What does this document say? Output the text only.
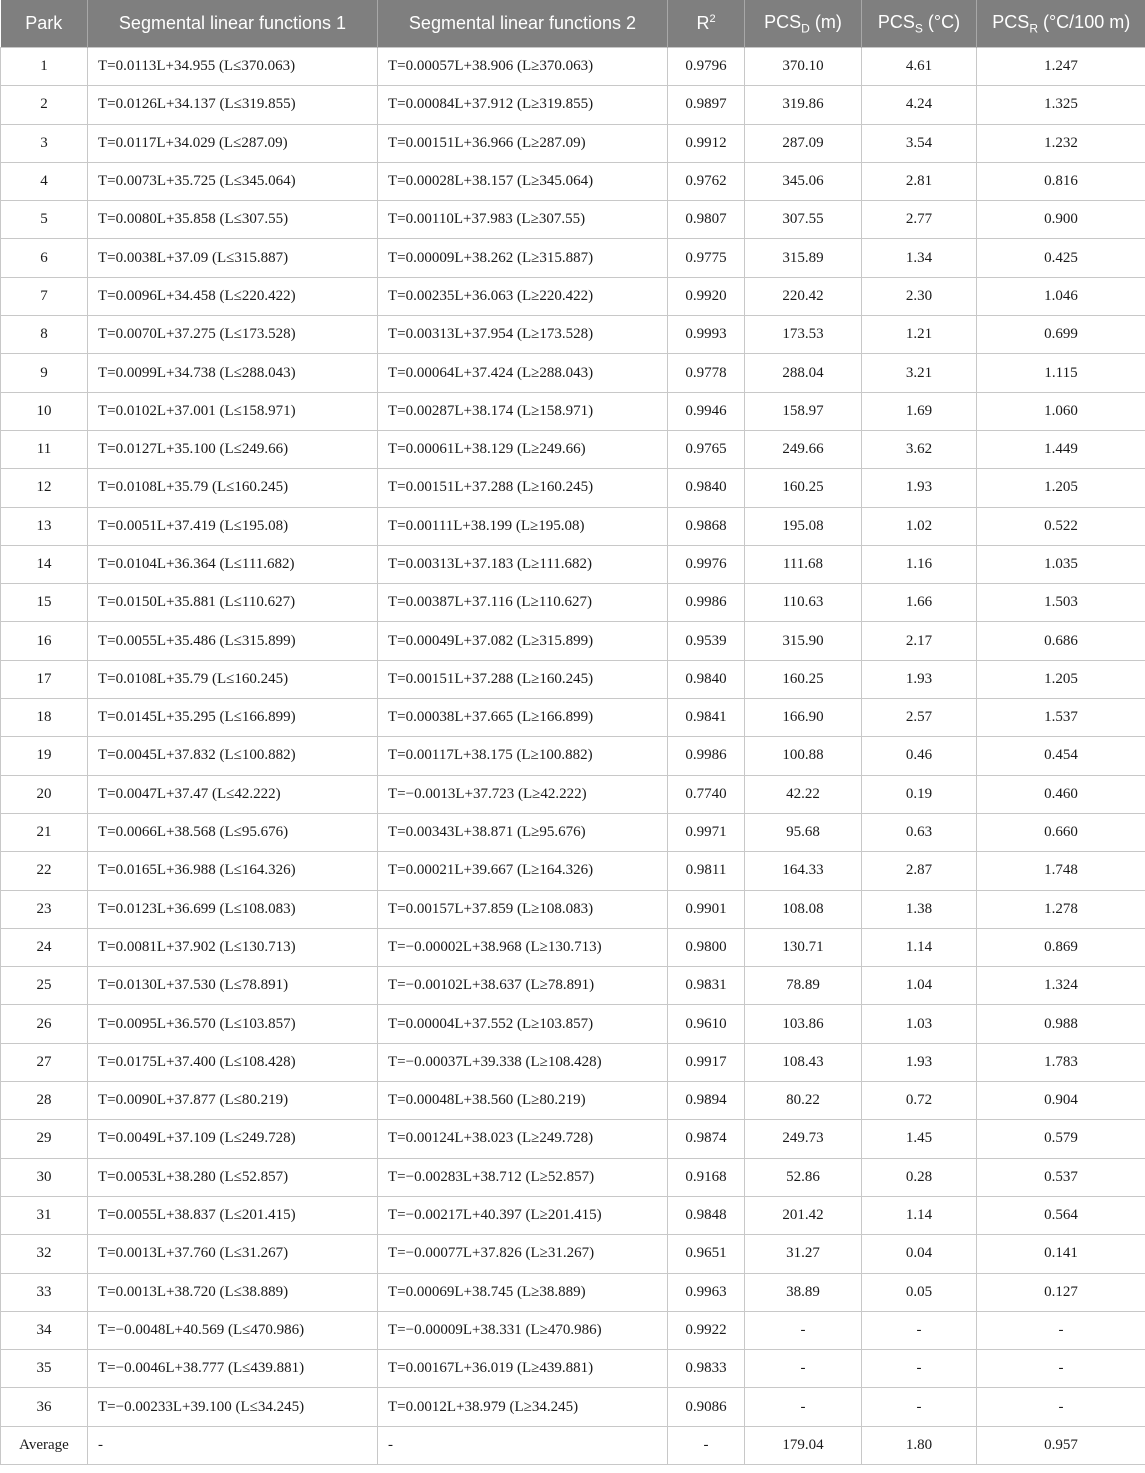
Park	Segmental linear functions 1	Segmental linear functions 2	$R^2$	$PCS_D$ (m)	$PCS_S$ (°C)	$PCS_R$ (°C/100 m)
1	T=0.0113L+34.955 (L≤370.063)	T=0.00057L+38.906 (L≥370.063)	0.9796	370.10	4.61	1.247
2	T=0.0126L+34.137 (L≤319.855)	T=0.00084L+37.912 (L≥319.855)	0.9897	319.86	4.24	1.325
3	T=0.0117L+34.029 (L≤287.09)	T=0.00151L+36.966 (L≥287.09)	0.9912	287.09	3.54	1.232
4	T=0.0073L+35.725 (L≤345.064)	T=0.00028L+38.157 (L≥345.064)	0.9762	345.06	2.81	0.816
5	T=0.0080L+35.858 (L≤307.55)	T=0.00110L+37.983 (L≥307.55)	0.9807	307.55	2.77	0.900
6	T=0.0038L+37.09 (L≤315.887)	T=0.00009L+38.262 (L≥315.887)	0.9775	315.89	1.34	0.425
7	T=0.0096L+34.458 (L≤220.422)	T=0.00235L+36.063 (L≥220.422)	0.9920	220.42	2.30	1.046
8	T=0.0070L+37.275 (L≤173.528)	T=0.00313L+37.954 (L≥173.528)	0.9993	173.53	1.21	0.699
9	T=0.0099L+34.738 (L≤288.043)	T=0.00064L+37.424 (L≥288.043)	0.9778	288.04	3.21	1.115
10	T=0.0102L+37.001 (L≤158.971)	T=0.00287L+38.174 (L≥158.971)	0.9946	158.97	1.69	1.060
11	T=0.0127L+35.100 (L≤249.66)	T=0.00061L+38.129 (L≥249.66)	0.9765	249.66	3.62	1.449
12	T=0.0108L+35.79 (L≤160.245)	T=0.00151L+37.288 (L≥160.245)	0.9840	160.25	1.93	1.205
13	T=0.0051L+37.419 (L≤195.08)	T=0.00111L+38.199 (L≥195.08)	0.9868	195.08	1.02	0.522
14	T=0.0104L+36.364 (L≤111.682)	T=0.00313L+37.183 (L≥111.682)	0.9976	111.68	1.16	1.035
15	T=0.0150L+35.881 (L≤110.627)	T=0.00387L+37.116 (L≥110.627)	0.9986	110.63	1.66	1.503
16	T=0.0055L+35.486 (L≤315.899)	T=0.00049L+37.082 (L≥315.899)	0.9539	315.90	2.17	0.686
17	T=0.0108L+35.79 (L≤160.245)	T=0.00151L+37.288 (L≥160.245)	0.9840	160.25	1.93	1.205
18	T=0.0145L+35.295 (L≤166.899)	T=0.00038L+37.665 (L≥166.899)	0.9841	166.90	2.57	1.537
19	T=0.0045L+37.832 (L≤100.882)	T=0.00117L+38.175 (L≥100.882)	0.9986	100.88	0.46	0.454
20	T=0.0047L+37.47 (L≤42.222)	T=−0.0013L+37.723 (L≥42.222)	0.7740	42.22	0.19	0.460
21	T=0.0066L+38.568 (L≤95.676)	T=0.00343L+38.871 (L≥95.676)	0.9971	95.68	0.63	0.660
22	T=0.0165L+36.988 (L≤164.326)	T=0.00021L+39.667 (L≥164.326)	0.9811	164.33	2.87	1.748
23	T=0.0123L+36.699 (L≤108.083)	T=0.00157L+37.859 (L≥108.083)	0.9901	108.08	1.38	1.278
24	T=0.0081L+37.902 (L≤130.713)	T=−0.00002L+38.968 (L≥130.713)	0.9800	130.71	1.14	0.869
25	T=0.0130L+37.530 (L≤78.891)	T=−0.00102L+38.637 (L≥78.891)	0.9831	78.89	1.04	1.324
26	T=0.0095L+36.570 (L≤103.857)	T=0.00004L+37.552 (L≥103.857)	0.9610	103.86	1.03	0.988
27	T=0.0175L+37.400 (L≤108.428)	T=−0.00037L+39.338 (L≥108.428)	0.9917	108.43	1.93	1.783
28	T=0.0090L+37.877 (L≤80.219)	T=0.00048L+38.560 (L≥80.219)	0.9894	80.22	0.72	0.904
29	T=0.0049L+37.109 (L≤249.728)	T=0.00124L+38.023 (L≥249.728)	0.9874	249.73	1.45	0.579
30	T=0.0053L+38.280 (L≤52.857)	T=−0.00283L+38.712 (L≥52.857)	0.9168	52.86	0.28	0.537
31	T=0.0055L+38.837 (L≤201.415)	T=−0.00217L+40.397 (L≥201.415)	0.9848	201.42	1.14	0.564
32	T=0.0013L+37.760 (L≤31.267)	T=−0.00077L+37.826 (L≥31.267)	0.9651	31.27	0.04	0.141
33	T=0.0013L+38.720 (L≤38.889)	T=0.00069L+38.745 (L≥38.889)	0.9963	38.89	0.05	0.127
34	T=−0.0048L+40.569 (L≤470.986)	T=−0.00009L+38.331 (L≥470.986)	0.9922	-	-	-
35	T=−0.0046L+38.777 (L≤439.881)	T=0.00167L+36.019 (L≥439.881)	0.9833	-	-	-
36	T=−0.00233L+39.100 (L≤34.245)	T=0.0012L+38.979 (L≥34.245)	0.9086	-	-	-
Average	-	-	-	179.04	1.80	0.957
